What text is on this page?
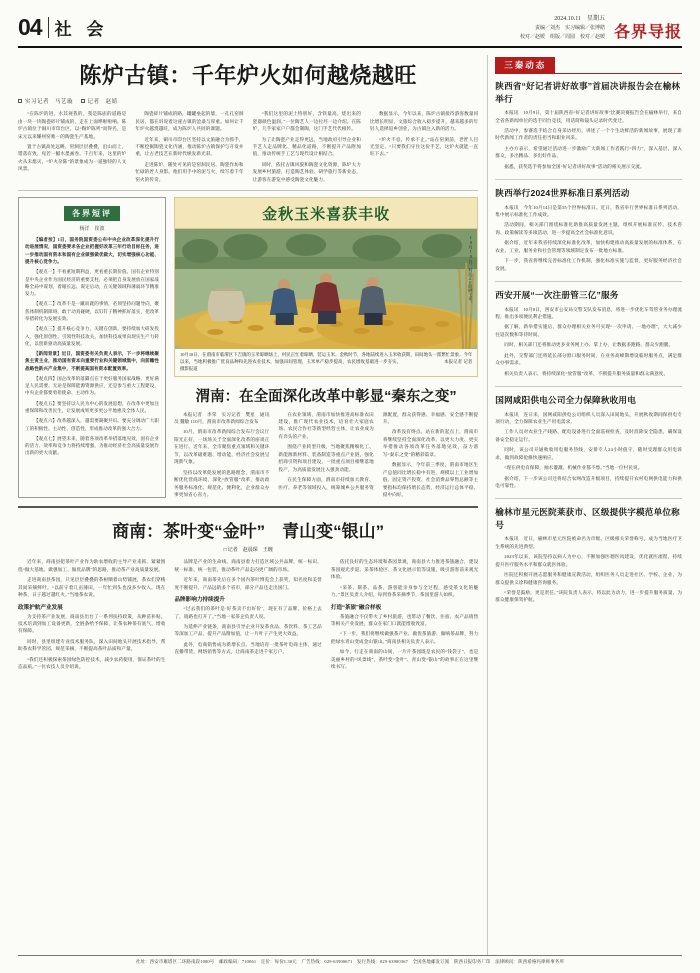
04 社 会
2024.10.11　星期五
责编／刘杰　实习编辑／张博皓
校对／赵媛　组版／周圆　校对／赵媛 各界导报
陈炉古镇：千年炉火如何越烧越旺
实习记者　马艺璇	记者　赵婧

“在陈炉的进，水其观我的，我是陈庙的道路是由一块一块陶瓷碎片铺成的，走在上面哗啦啦响。陈炉古镇位于铜川市印台区，以“陶炉陈列”而得名，是宋元以来耀州窑唯一的陶瓷生产基地。

置于古镇高处远眺，窑洞层层叠叠，沿山而上，错落有致，宛若一幅水墨画卷。千百年来，这里的炉火从未熄灭，“炉火杂陈”的景象成为一道独特的人文风景。

陶瓷碎片铺成的路，罐罐垒起的墙，一孔孔窑洞民居，都在诉说着这座古镇的沧桑与厚重。如何让千年炉火越烧越旺，成为陈炉人共同的课题。

近年来，铜川市印台区坚持以文旅融合为抓手，不断挖掘陶瓷文化内涵，推动陈炉古镇保护与开发并重，让古老技艺在新时代焕发新光彩。

走进陈炉，随处可见的是窑洞民居、陶瓷作坊和忙碌的匠人身影。他们用手中的泥与火，续写着千年窑火的传奇。

“我们这里的泥土特别好，含铁量高，烧出来的瓷器颜色温润。”一位陶艺人一边拉坯一边介绍。在陈炉，几乎家家户户都会制陶，这门手艺代代相传。

为了让陶瓷产业走得更远，当地政府引导企业和手艺人走品牌化、精品化道路，不断提升产品附加值，推动传统手工艺与现代设计相结合。

同时，依托古镇风貌和陶瓷文化资源，陈炉大力发展乡村旅游，打造陶艺体验、研学旅行等新业态，让游客在游览中感受陶瓷文化魅力。

数据显示，今年以来，陈炉古镇接待游客数量同比增长明显，文旅综合收入稳步提升，越来越多的年轻人选择返乡创业，为古镇注入新的活力。

“炉火不息，传承不止。”站在窑洞前，老匠人目光坚定，“只要我们守住这份手艺，这炉火就能一直旺下去。”

各界短评
杨洋　崔波

【编者按】1日，国务院国资委公布中央企业改革深化提升行动进展情况，国资委要求各企业把握好改革三年行动目标任务，进一步推动国有资本和国有企业做强做优做大，切实增强核心功能、提升核心竞争力。

【观点一】不看重短期利益，更看重长期价值。国有企业特别是中央企业作为国民经济的重要支柱，必须把自身发展放在国家战略全局中谋划，着眼长远、谋定后动，在关键领域和薄弱环节精准发力。

【观点二】改革不是一蹴而就的事情，必须坚持问题导向，聚焦体制机制障碍，敢于动真碰硬，以钉钉子精神抓好落实，把改革举措转化为发展实效。

【观点三】提升核心竞争力，关键在创新。要持续加大研发投入，强化原创性、引领性科技攻关，加快科技成果向现实生产力转化，以创新驱动高质量发展。

【新闻背景】近日，国资委有关负责人表示，下一步将继续聚焦主责主业，推动国有资本向重要行业和关键领域集中，向前瞻性战略性新兴产业集中，不断提高国有资本配置效率。

【观点四】国企改革的落脚点在于更好服务国家战略、更好满足人民需要。无论是保障能源资源供应，还是参与重大工程建设，中央企业都要勇担使命、主动作为。

【观点五】要坚持以人民为中心的发展思想，在改革中更加注重保障和改善民生，让发展成果更多更公平地惠及全体人民。

【观点六】改革越深入，越需要凝聚共识。要充分调动广大职工的积极性、主动性、创造性，形成推动改革的强大合力。

【观点七】展望未来，随着各项改革举措落地见效，国有企业的活力、效率和竞争力将持续增强，为推动经济社会高质量发展作出新的更大贡献。

金秋玉米喜获丰收
10月10日，村民正在晾晒玉米。
10月10日，在渭南市临渭区下吉镇的玉米晾晒场上，村民正忙着晾晒、装运玉米。金秋时节，各地陆续进入玉米收获期，田间地头一派繁忙景象。今年以来，当地积极推广优良品种和先进农业技术，加强田间管理，玉米单产稳步提高，农民增收基础进一步夯实。　　　　　　　　　　本报记者 记者　摄影报道
渭南：在全面深化改革中彰显“秦东之变”

本报记者　李荣　实习记者　樊星　通讯员 魏敏 110月，渭南市改革新闻综合发布

10月，渭南市改革新闻综合发布厅会议厅阳光正好，一场场关于全面深化改革的座谈正在进行。近年来，全市聚焦重点领域和关键环节，以改革破难题、增动能，经济社会发展呈现新气象。

坚持以改革促发展的思路理念，渭南市不断优化营商环境，深化“放管服”改革，推动政务服务标准化、规范化、便利化，企业群众办事更加省心省力。

在农业领域，渭南市加快推进高标准农田建设，推广现代农业技术，培育壮大家庭农场、农民合作社等新型经营主体，让农业成为有奔头的产业。

围绕产业转型升级，当地聚焦精细化工、新能源新材料、装备制造等重点产业链，强化招商引资和项目建设，一批重点项目相继落地投产，为高质量发展注入强劲动能。

在民生保障方面，渭南市持续加大教育、医疗、养老等领域投入，统筹城乡公共服务资源配置，群众获得感、幸福感、安全感不断提升。

改革没有终点。站在新的起点上，渭南市将继续坚持全面深化改革，以更大力度、更实举措推动各项改革任务落地见效，奋力谱写“秦东之变”的精彩篇章。

数据显示，今年前三季度，渭南市地区生产总值同比增长稳中有进，规模以上工业增加值、固定资产投资、社会消费品零售总额等主要指标均保持增长态势，经济运行总体平稳、稳中向好。

商南：茶叶变“金叶”　青山变“银山”
□ 记者　赵晨琛　王缠

近年来，商南县把茶叶产业作为助农增收的主导产业来抓，紧紧围绕“做大基地、做强加工、做优品牌”的思路，推动茶产业高质量发展。

走进商南县茶园，只见层层叠叠的茶树顺着山势铺展，茶农们穿梭其间采摘鲜叶。“以前守着几亩薄田，一年忙到头也没多少收入。现在种茶，日子越过越红火。”当地茶农说。

政策护航产业发展

为支持茶产业发展，商南县出台了一系列扶持政策，从种苗补贴、技术培训到加工设备更新，全链条给予保障，让茶农种茶有底气、增收有保障。

同时，县里组建专业技术服务队，深入田间地头开展技术指导，帮助茶农科学管园、规范采摘，不断提高茶叶品质和产量。

“我们还积极探索茶园绿色防控技术，减少农药使用，保证茶叶的生态品质。”一位农技人员介绍说。

品牌是产业的生命线。商南县着力打造区域公共品牌，统一标识、统一标准、统一包装，推动茶叶产品走向更广阔的市场。

近年来，商南茶先后在多个国内茶叶博览会上获奖，知名度和美誉度不断提升，产品远销多个省市，部分产品还走出国门。

品牌影响力持续提升

“过去我们的茶叶是‘好茶卖不出好价’，现在有了品牌，价格上去了，销路也打开了。”当地一家茶企负责人说。

为延伸产业链条，商南县引导企业开发茶食品、茶饮料、茶工艺品等深加工产品，提升产品附加值，让一片叶子产生更大效益。

此外，电商销售成为新增长点。当地培育一批茶叶电商主体，通过直播带货、网络销售等方式，让商南茶走进千家万户。

依托良好的生态环境和茶园景观，商南县大力推进茶旅融合，建设茶园观光步道、采茶体验区、茶文化展示馆等设施，吸引游客前来观光体验。

“采茶、制茶、品茶，游客能亲身参与全过程，感受茶文化的魅力。”景区负责人介绍，每到春茶采摘季节，茶园里游人如织。

打造“茶旅”融合样板

茶旅融合不仅带火了乡村旅游，也带动了餐饮、住宿、农产品销售等相关产业发展，群众在家门口就能增收致富。

“下一步，我们将继续做强茶产业、做优茶旅游、做响茶品牌，努力把绿水青山变成金山银山。”商南县相关负责人表示。

如今，行走在商南的山间，一片片茶园既是农民的“钱袋子”，也是美丽乡村的“风景线”，茶叶变“金叶”、青山变“银山”的故事正在这里继续书写。

三秦动态
陕西省“好记者讲好故事”首届决讲报告会在榆林举行

本报讯　10月9日，第十届陕西省“好记者讲好故事”比赛决赛报告会在榆林举行，来自全省各新闻单位的选手同台竞技，用话筒和镜头记录时代变迁。

活动中，参赛选手结合自身采访经历，讲述了一个个生动鲜活的新闻故事，展现了新时代新闻工作者的责任担当和职业风采。

主办方表示，希望通过活动进一步激励广大新闻工作者践行“四力”，深入基层、深入群众，多出精品、多出好作品。

据悉，获奖选手将参加全国“好记者讲好故事”活动的相关展示交流。

陕西举行2024世界标准日系列活动

本报讯　今年10月14日是第55个世界标准日。近日，我省举行世界标准日系列活动，集中展示标准化工作成效。

活动期间，相关部门围绕标准化助推高质量发展主题，组织开展标准宣传、技术咨询、政策解读等多项活动，进一步提高全社会标准化意识。

据介绍，近年来我省持续深化标准化改革，加快构建推动高质量发展的标准体系，在农业、工业、服务业和社会管理等领域制定发布一批地方标准。

下一步，我省将继续完善标准化工作机制，强化标准实施与监督，更好服务经济社会发展。

西安开展“一次注册管三亿”服务

本报讯　10月8日，西安市公安局交警支队发布消息，将进一步优化车驾管业务办理流程，推出多项便民利企措施。

据了解，新举措实施后，群众办理相关业务可实现“一次申请、一地办理”，大大减少往返次数和等待时间。

同时，相关部门还将推动更多业务网上办、掌上办，让数据多跑路、群众少跑腿。

此外，交警部门还将延长部分窗口服务时间，在业务高峰期增设临时服务点，满足群众办事需求。

相关负责人表示，将持续深化“放管服”改革，不断提升服务质量和群众满意度。

国网咸阳供电公司全力保障秋收用电

本报讯　连日来，国网咸阳供电公司组织人员深入田间地头，开展秋收期间保供电专项行动，全力保障农业生产用电需求。

工作人员对农业生产线路、配电设备进行全面巡视检查，及时消除安全隐患，确保设备安全稳定运行。

同时，该公司开通秋收用电服务热线，安排专人24小时值守，随时受理群众用电诉求，做到故障抢修快速响应。

“现在供电有保障，抽水灌溉、机械作业都不愁。”当地一位村民说。

据介绍，下一步该公司还将结合农网改造升级项目，持续提升农村电网供电能力和供电可靠性。

榆林市星元医院莱获市、区级提供字模范单位称号

本报讯　近日，榆林市星元医院被命名为市级、区级相关荣誉称号，成为当地医疗卫生系统的先进典型。

2023年以来，该院坚持以病人为中心，不断加强医德医风建设，优化就医流程，持续提升医疗服务水平和群众就医体验。

医院还积极开展志愿服务和健康宣教活动，组织医务人员走进社区、学校、企业，为群众提供义诊和健康咨询服务。

“荣誉是鼓励，更是责任。”该院负责人表示，将以此为动力，进一步提升服务质量，为群众健康保驾护航。

社址：西安市雁塔区二环路南段1000号　邮政编码：710061　定价：每份1.30元　广告热线：029-63900671　发行热线：029-63900367　全国各地邮发订阅　陕西日报印务厂印　法律顾问：陕西希格玛律师事务所
